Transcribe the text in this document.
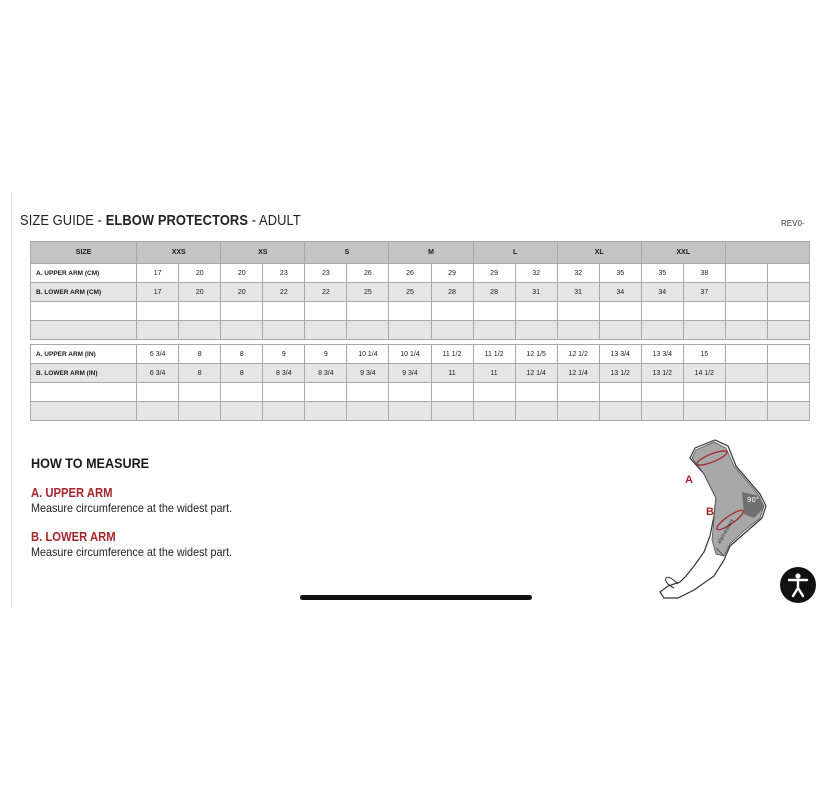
SIZE GUIDE - ELBOW PROTECTORS - ADULT	REV0-
SIZE	XXS		XS		S		M		L		XL		XXL			
A. UPPER ARM (CM)	17	20	20	23	23	26	26	29	29	32	32	35	35	38		
B. LOWER ARM (CM)	17	20	20	22	22	25	25	28	28	31	31	34	34	37		

A. UPPER ARM (IN)	6 3/4	8	8	9	9	10 1/4	10 1/4	11 1/2	11 1/2	12 1/5	12 1/2	13 3/4	13 3/4	15		
B. LOWER ARM (IN)	6 3/4	8	8	8 3/4	8 3/4	9 3/4	9 3/4	11	11	12 1/4	12 1/4	13 1/2	13 1/2	14 1/2		

HOW TO MEASURE
A. UPPER ARM
Measure circumference at the widest part.
B. LOWER ARM
Measure circumference at the widest part.
90°
alpinestars
A
B
